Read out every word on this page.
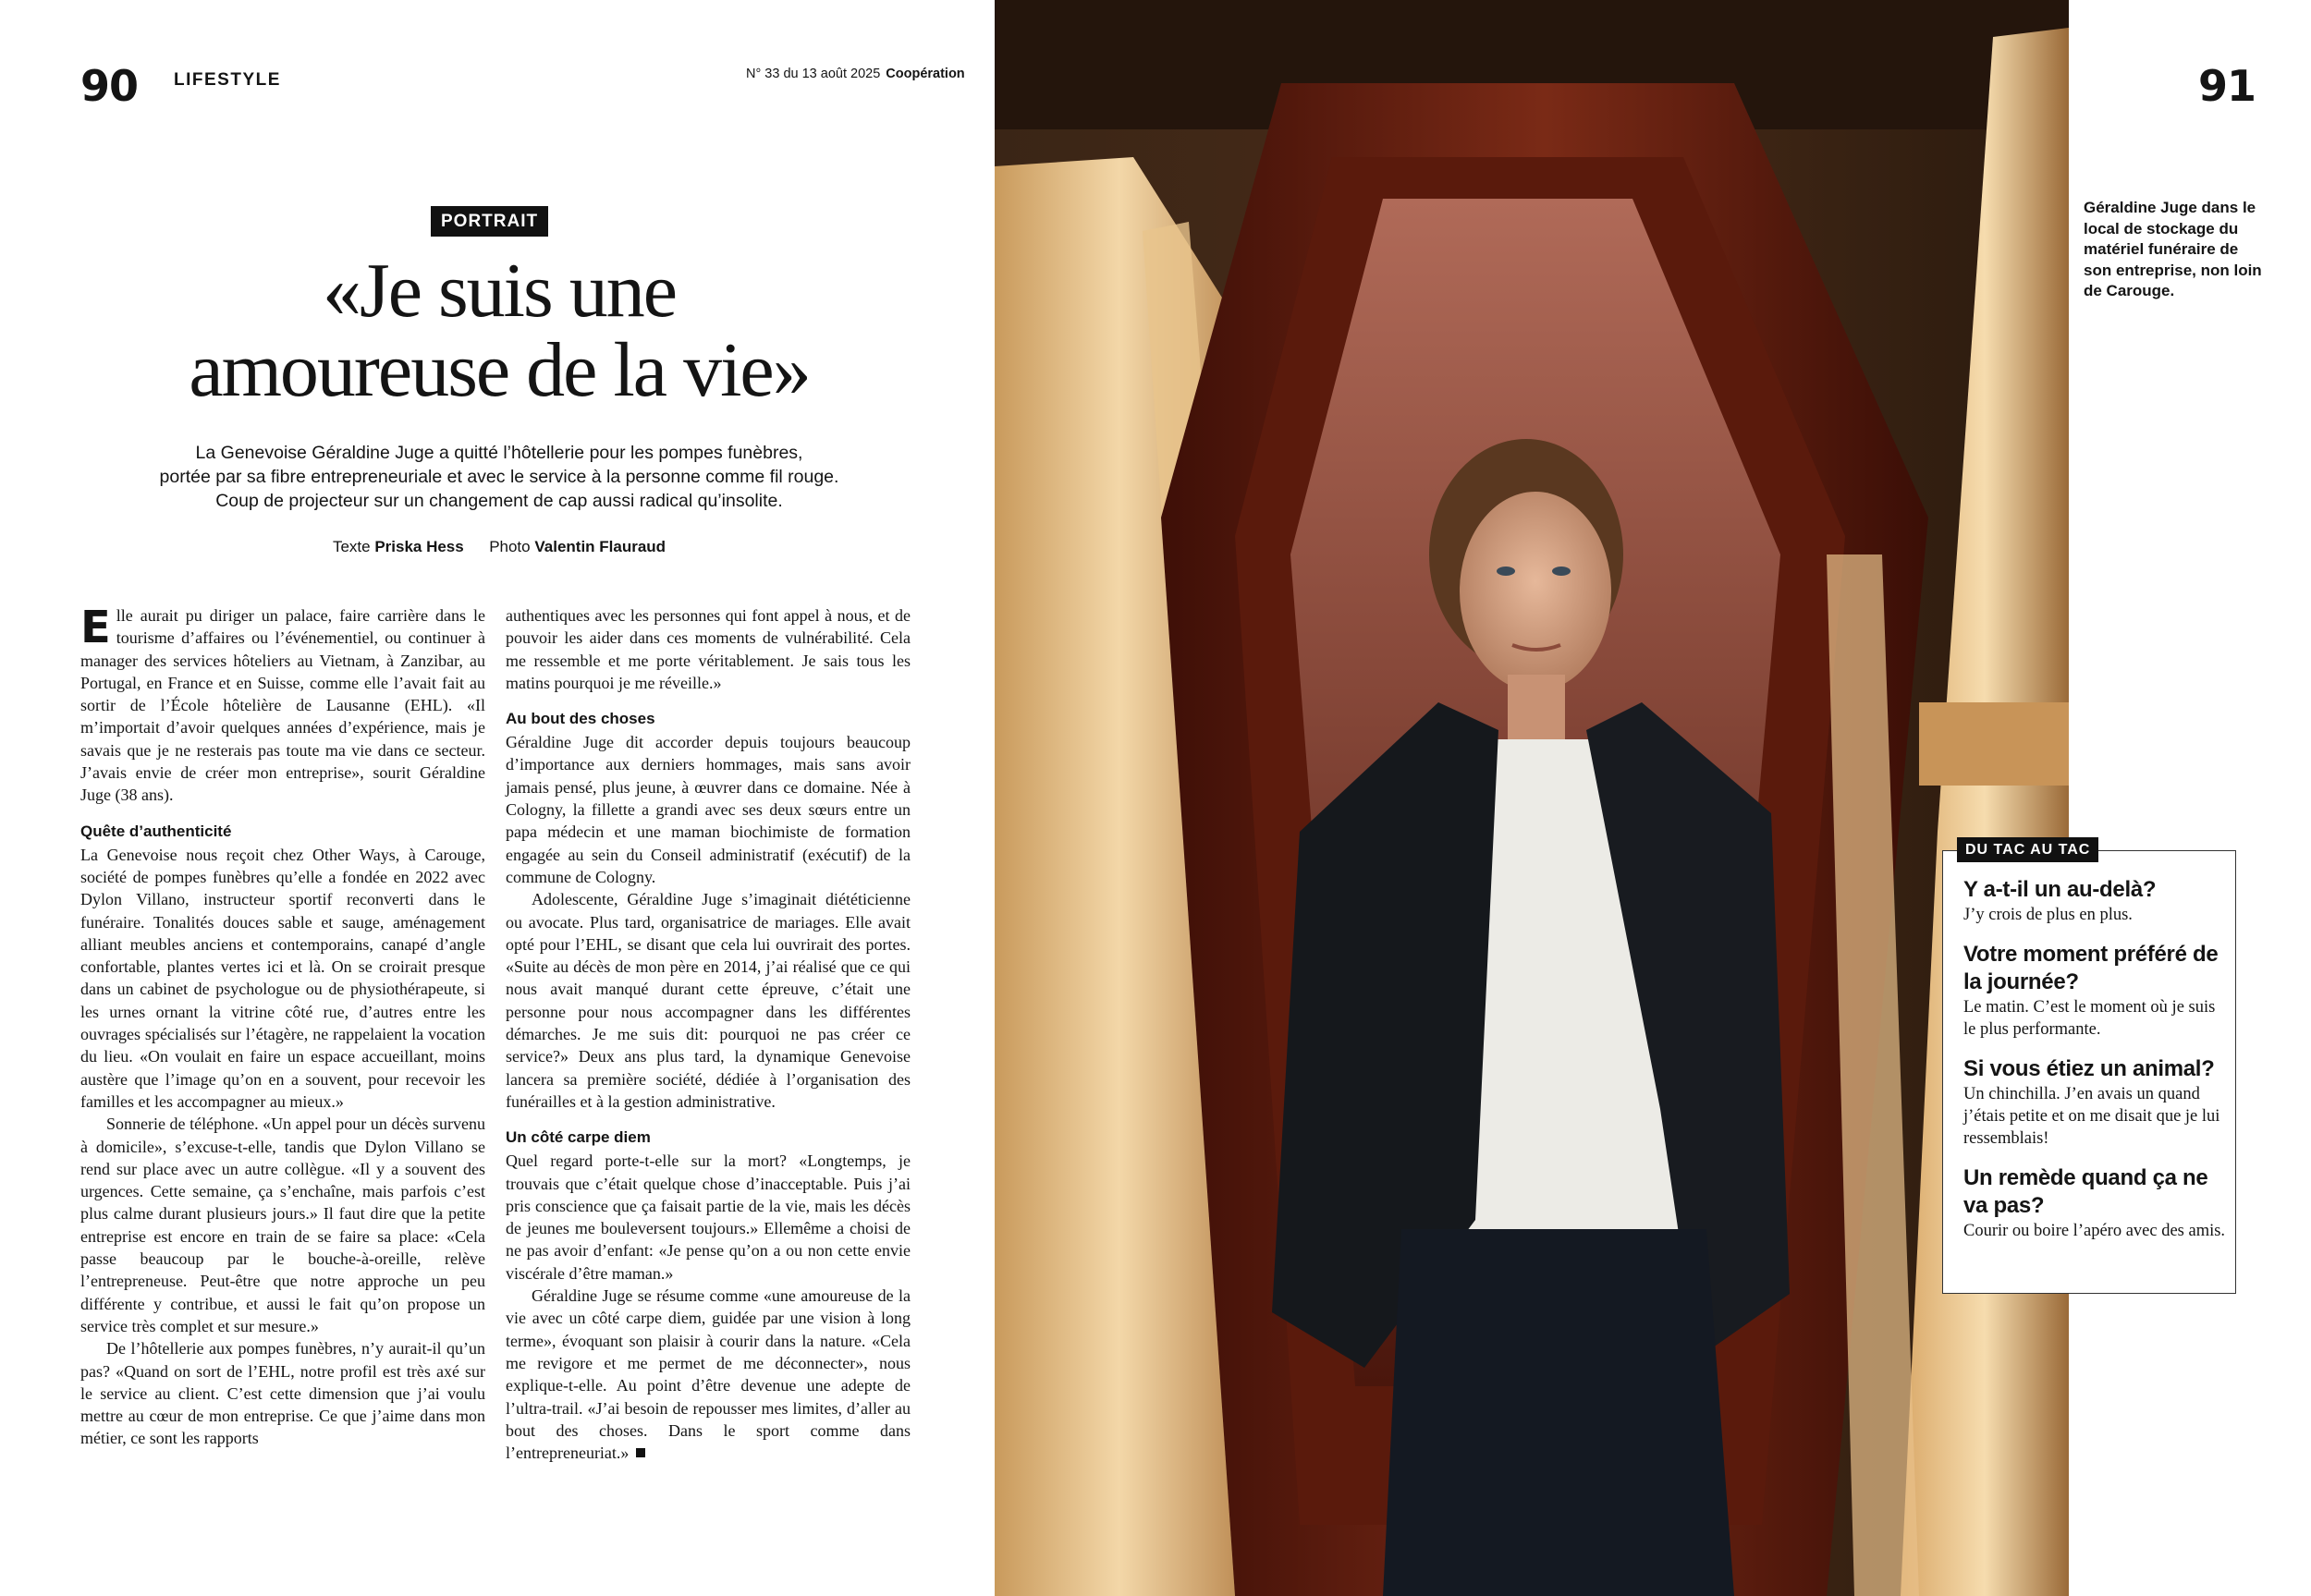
90 LIFESTYLE	N° 33 du 13 août 2025 Coopération	91
PORTRAIT
«Je suis une
amoureuse de la vie»
La Genevoise Géraldine Juge a quitté l’hôtellerie pour les pompes funèbres,
portée par sa fibre entrepreneuriale et avec le service à la personne comme fil rouge.
Coup de projecteur sur un changement de cap aussi radical qu’insolite.
Texte Priska Hess Photo Valentin Flauraud

Elle aurait pu diriger un palace, faire carrière dans le tourisme d’affaires ou l’événementiel, ou continuer à manager des services hôteliers au Vietnam, à Zanzibar, au Portugal, en France et en Suisse, comme elle l’avait fait au sortir de l’École hôtelière de Lausanne (EHL). «Il m’importait d’avoir quelques années d’expérience, mais je savais que je ne resterais pas toute ma vie dans ce secteur. J’avais envie de créer mon entreprise», sourit Géraldine Juge (38 ans).

Quête d’authenticité

La Genevoise nous reçoit chez Other Ways, à Carouge, société de pompes funèbres qu’elle a fondée en 2022 avec Dylon Villano, instructeur sportif reconverti dans le funéraire. Tonalités douces sable et sauge, aménagement alliant meubles anciens et contemporains, canapé d’angle confortable, plantes vertes ici et là. On se croirait presque dans un cabinet de psychologue ou de physiothérapeute, si les urnes ornant la vitrine côté rue, d’autres entre les ouvrages spécialisés sur l’étagère, ne rappelaient la vocation du lieu. «On voulait en faire un espace accueillant, moins austère que l’image qu’on en a souvent, pour recevoir les familles et les accompagner au mieux.»

Sonnerie de téléphone. «Un appel pour un décès survenu à domicile», s’excuse-t-elle, tandis que Dylon Villano se rend sur place avec un autre collègue. «Il y a souvent des urgences. Cette semaine, ça s’enchaîne, mais parfois c’est plus calme durant plusieurs jours.» Il faut dire que la petite entreprise est encore en train de se faire sa place: «Cela passe beaucoup par le bouche-à-oreille, relève l’entrepreneuse. Peut-être que notre approche un peu différente y contribue, et aussi le fait qu’on propose un service très complet et sur mesure.»

De l’hôtellerie aux pompes funèbres, n’y aurait-il qu’un pas? «Quand on sort de l’EHL, notre profil est très axé sur le service au client. C’est cette dimension que j’ai voulu mettre au cœur de mon entreprise. Ce que j’aime dans mon métier, ce sont les rapports

authentiques avec les personnes qui font appel à nous, et de pouvoir les aider dans ces moments de vulnérabilité. Cela me ressemble et me porte véritablement. Je sais tous les matins pourquoi je me réveille.»

Au bout des choses

Géraldine Juge dit accorder depuis toujours beaucoup d’importance aux derniers hommages, mais sans avoir jamais pensé, plus jeune, à œuvrer dans ce domaine. Née à Cologny, la fillette a grandi avec ses deux sœurs entre un papa médecin et une maman biochimiste de formation engagée au sein du Conseil administratif (exécutif) de la commune de Cologny.

Adolescente, Géraldine Juge s’imaginait diététicienne ou avocate. Plus tard, organisatrice de mariages. Elle avait opté pour l’EHL, se disant que cela lui ouvrirait des portes. «Suite au décès de mon père en 2014, j’ai réalisé que ce qui nous avait manqué durant cette épreuve, c’était une personne pour nous accompagner dans les différentes démarches. Je me suis dit: pourquoi ne pas créer ce service?» Deux ans plus tard, la dynamique Genevoise lancera sa première société, dédiée à l’organisation des funérailles et à la gestion administrative.

Un côté carpe diem

Quel regard porte-t-elle sur la mort? «Longtemps, je trouvais que c’était quelque chose d’inacceptable. Puis j’ai pris conscience que ça faisait partie de la vie, mais les décès de jeunes me bouleversent toujours.» Ellemême a choisi de ne pas avoir d’enfant: «Je pense qu’on a ou non cette envie viscérale d’être maman.»

Géraldine Juge se résume comme «une amoureuse de la vie avec un côté carpe diem, guidée par une vision à long terme», évoquant son plaisir à courir dans la nature. «Cela me revigore et me permet de me déconnecter», nous explique-t-elle. Au point d’être devenue une adepte de l’ultra-trail. «J’ai besoin de repousser mes limites, d’aller au bout des choses. Dans le sport comme dans l’entrepreneuriat.»

Géraldine Juge dans le local de stockage du matériel funéraire de son entreprise, non loin de Carouge.
DU TAC AU TAC
Y a-t-il un au-delà?
J’y crois de plus en plus.
Votre moment préféré de la journée?
Le matin. C’est le moment où je suis le plus performante.
Si vous étiez un animal?
Un chinchilla. J’en avais un quand j’étais petite et on me disait que je lui ressemblais!
Un remède quand ça ne va pas?
Courir ou boire l’apéro avec des amis.
